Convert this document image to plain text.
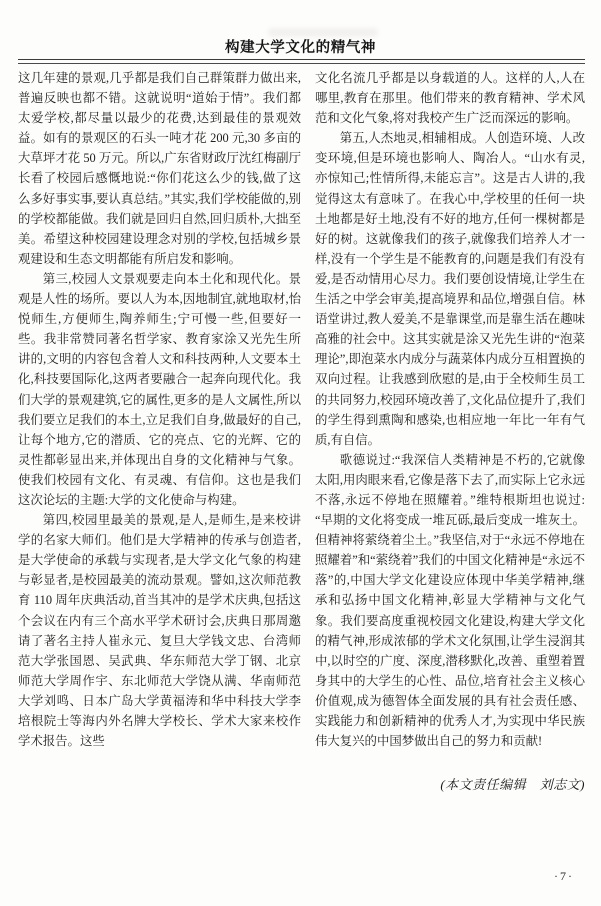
构建大学文化的精气神

这几年建的景观,几乎都是我们自己群策群力做出来,普遍反映也都不错。这就说明“道始于情”。我们都太爱学校,都尽量以最少的花费,达到最佳的景观效益。如有的景观区的石头一吨才花 200 元,30 多亩的大草坪才花 50 万元。所以,广东省财政厅沈红梅副厅长看了校园后感慨地说:“你们花这么少的钱,做了这么多好事实事,要认真总结。”其实,我们学校能做的,别的学校都能做。我们就是回归自然,回归质朴,大拙至美。希望这种校园建设理念对别的学校,包括城乡景观建设和生态文明都能有所启发和影响。

第三,校园人文景观要走向本土化和现代化。景观是人性的场所。要以人为本,因地制宜,就地取材,怡悦师生,方便师生,陶养师生;宁可慢一些,但要好一些。我非常赞同著名哲学家、教育家涂又光先生所讲的,文明的内容包含着人文和科技两种,人文要本土化,科技要国际化,这两者要融合一起奔向现代化。我们大学的景观建筑,它的属性,更多的是人文属性,所以我们要立足我们的本土,立足我们自身,做最好的自己,让每个地方,它的潜质、它的亮点、它的光辉、它的灵性都彰显出来,并体现出自身的文化精神与气象。使我们校园有文化、有灵魂、有信仰。这也是我们这次论坛的主题:大学的文化使命与构建。

第四,校园里最美的景观,是人,是师生,是来校讲学的名家大师们。他们是大学精神的传承与创造者,是大学使命的承载与实现者,是大学文化气象的构建与彰显者,是校园最美的流动景观。譬如,这次师范教育 110 周年庆典活动,首当其冲的是学术庆典,包括这个会议在内有三个高水平学术研讨会,庆典日那周邀请了著名主持人崔永元、复旦大学钱文忠、台湾师范大学张国恩、吴武典、华东师范大学丁钢、北京师范大学周作宇、东北师范大学饶从满、华南师范大学刘鸣、日本广岛大学黄福涛和华中科技大学李培根院士等海内外名牌大学校长、学术大家来校作学术报告。这些

文化名流几乎都是以身载道的人。这样的人,人在哪里,教育在那里。他们带来的教育精神、学术风范和文化气象,将对我校产生广泛而深远的影响。

第五,人杰地灵,相辅相成。人创造环境、人改变环境,但是环境也影响人、陶冶人。“山水有灵,亦惊知己;性情所得,未能忘言”。这是古人讲的,我觉得这太有意味了。在我心中,学校里的任何一块土地都是好土地,没有不好的地方,任何一棵树都是好的树。这就像我们的孩子,就像我们培养人才一样,没有一个学生是不能教育的,问题是我们有没有爱,是否动情用心尽力。我们要创设情境,让学生在生活之中学会审美,提高境界和品位,增强自信。林语堂讲过,教人爱美,不是靠课堂,而是靠生活在趣味高雅的社会中。这其实就是涂又光先生讲的“泡菜理论”,即泡菜水内成分与蔬菜体内成分互相置换的双向过程。让我感到欣慰的是,由于全校师生员工的共同努力,校园环境改善了,文化品位提升了,我们的学生得到熏陶和感染,也相应地一年比一年有气质,有自信。

歌德说过:“我深信人类精神是不朽的,它就像太阳,用肉眼来看,它像是落下去了,而实际上它永远不落,永远不停地在照耀着。”维特根斯坦也说过:“早期的文化将变成一堆瓦砾,最后变成一堆灰土。但精神将萦绕着尘土。”我坚信,对于“永远不停地在照耀着”和“萦绕着”我们的中国文化精神是“永远不落”的,中国大学文化建设应体现中华美学精神,继承和弘扬中国文化精神,彰显大学精神与文化气象。我们要高度重视校园文化建设,构建大学文化的精气神,形成浓郁的学术文化氛围,让学生浸润其中,以时空的广度、深度,潜移默化,改善、重塑着置身其中的大学生的心性、品位,培育社会主义核心价值观,成为德智体全面发展的具有社会责任感、实践能力和创新精神的优秀人才,为实现中华民族伟大复兴的中国梦做出自己的努力和贡献!

(本文责任编辑　刘志文)

·7·
